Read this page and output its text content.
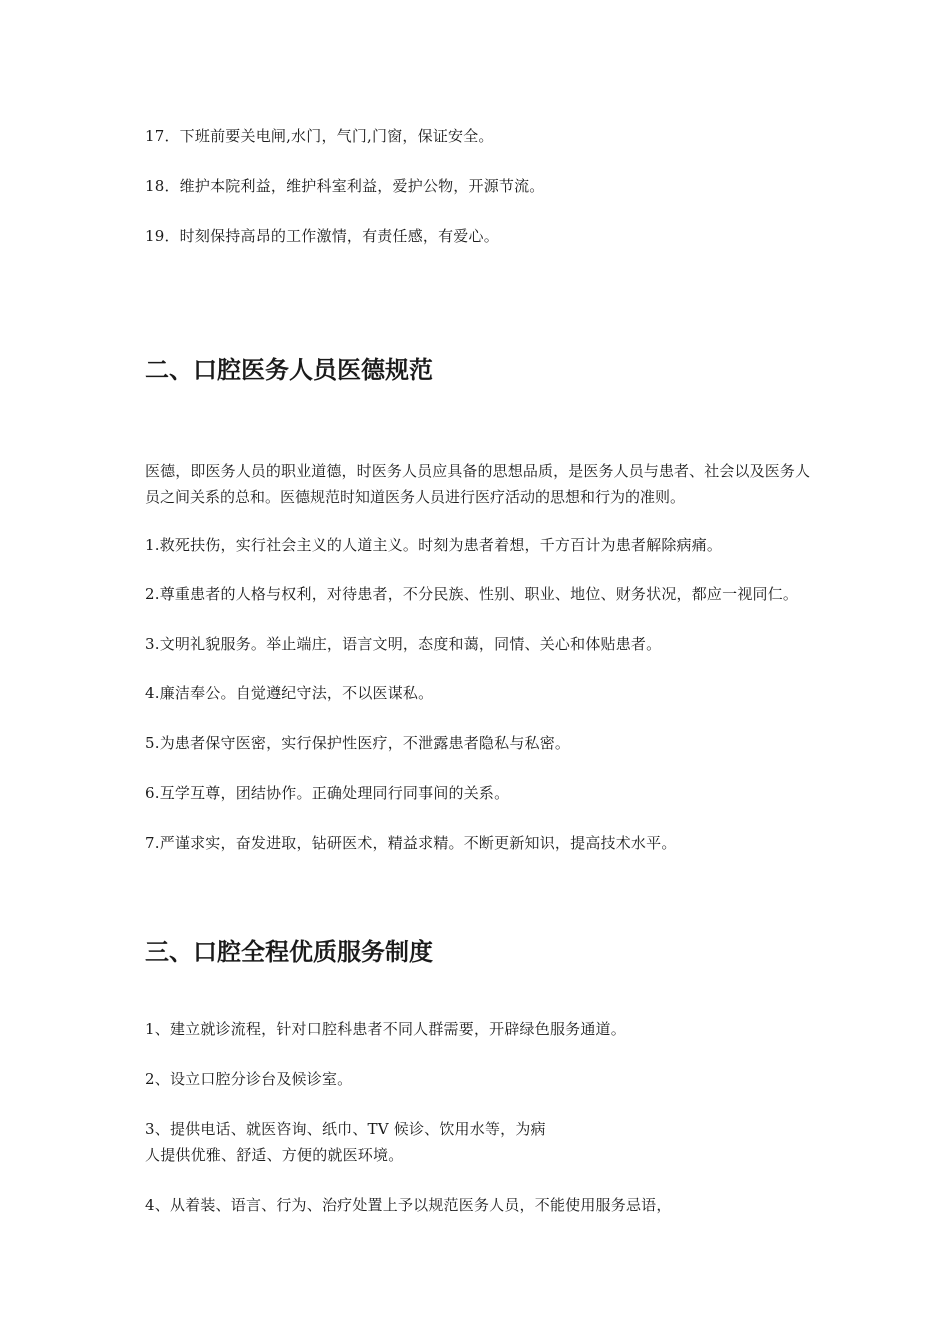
17．下班前要关电闸,水门，气门,门窗，保证安全。
18．维护本院利益，维护科室利益，爱护公物，开源节流。
19．时刻保持高昂的工作激情，有责任感，有爱心。
二、口腔医务人员医德规范
医德，即医务人员的职业道德，时医务人员应具备的思想品质，是医务人员与患者、社会以及医务人员之间关系的总和。医德规范时知道医务人员进行医疗活动的思想和行为的准则。
1.救死扶伤，实行社会主义的人道主义。时刻为患者着想，千方百计为患者解除病痛。
2.尊重患者的人格与权利，对待患者，不分民族、性别、职业、地位、财务状况，都应一视同仁。
3.文明礼貌服务。举止端庄，语言文明，态度和蔼，同情、关心和体贴患者。
4.廉洁奉公。自觉遵纪守法，不以医谋私。
5.为患者保守医密，实行保护性医疗，不泄露患者隐私与私密。
6.互学互尊，团结协作。正确处理同行同事间的关系。
7.严谨求实，奋发进取，钻研医术，精益求精。不断更新知识，提高技术水平。
三、口腔全程优质服务制度
1、建立就诊流程，针对口腔科患者不同人群需要，开辟绿色服务通道。
2、设立口腔分诊台及候诊室。
3、提供电话、就医咨询、纸巾、TV 候诊、饮用水等，为病
人提供优雅、舒适、方便的就医环境。
4、从着装、语言、行为、治疗处置上予以规范医务人员，不能使用服务忌语，
